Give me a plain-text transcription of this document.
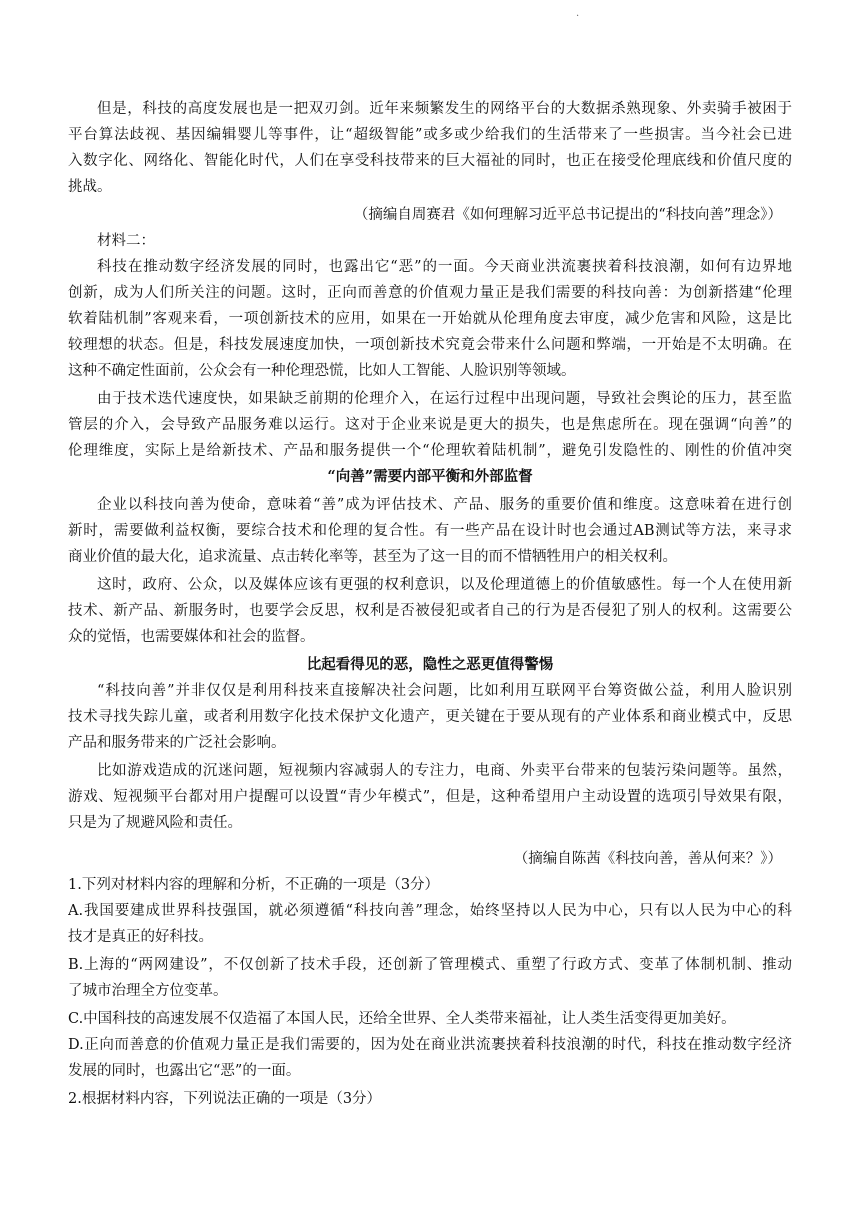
.
但是，科技的高度发展也是一把双刃剑。近年来频繁发生的网络平台的大数据杀熟现象、外卖骑手被困于
平台算法歧视、基因编辑婴儿等事件，让“超级智能”或多或少给我们的生活带来了一些损害。当今社会已进
入数字化、网络化、智能化时代，人们在享受科技带来的巨大福祉的同时，也正在接受伦理底线和价值尺度的
挑战。
（摘编自周赛君《如何理解习近平总书记提出的“科技向善”理念》）
材料二：
科技在推动数字经济发展的同时，也露出它“恶”的一面。今天商业洪流裹挟着科技浪潮，如何有边界地
创新，成为人们所关注的问题。这时，正向而善意的价值观力量正是我们需要的科技向善：为创新搭建“伦理
软着陆机制”客观来看，一项创新技术的应用，如果在一开始就从伦理角度去审度，减少危害和风险，这是比
较理想的状态。但是，科技发展速度加快，一项创新技术究竟会带来什么问题和弊端，一开始是不太明确。在
这种不确定性面前，公众会有一种伦理恐慌，比如人工智能、人脸识别等领域。
由于技术迭代速度快，如果缺乏前期的伦理介入，在运行过程中出现问题，导致社会舆论的压力，甚至监
管层的介入，会导致产品服务难以运行。这对于企业来说是更大的损失，也是焦虑所在。现在强调“向善”的
伦理维度，实际上是给新技术、产品和服务提供一个“伦理软着陆机制”，避免引发隐性的、刚性的价值冲突
“向善”需要内部平衡和外部监督
企业以科技向善为使命，意味着“善”成为评估技术、产品、服务的重要价值和维度。这意味着在进行创
新时，需要做利益权衡，要综合技术和伦理的复合性。有一些产品在设计时也会通过AB测试等方法，来寻求
商业价值的最大化，追求流量、点击转化率等，甚至为了这一目的而不惜牺牲用户的相关权利。
这时，政府、公众，以及媒体应该有更强的权利意识，以及伦理道德上的价值敏感性。每一个人在使用新
技术、新产品、新服务时，也要学会反思，权利是否被侵犯或者自己的行为是否侵犯了别人的权利。这需要公
众的觉悟，也需要媒体和社会的监督。
比起看得见的恶，隐性之恶更值得警惕
“科技向善”并非仅仅是利用科技来直接解决社会问题，比如利用互联网平台筹资做公益，利用人脸识别
技术寻找失踪儿童，或者利用数字化技术保护文化遗产，更关键在于要从现有的产业体系和商业模式中，反思
产品和服务带来的广泛社会影响。
比如游戏造成的沉迷问题，短视频内容减弱人的专注力，电商、外卖平台带来的包装污染问题等。虽然，
游戏、短视频平台都对用户提醒可以设置“青少年模式”，但是，这种希望用户主动设置的选项引导效果有限，
只是为了规避风险和责任。
（摘编自陈茜《科技向善，善从何来？》）
1.下列对材料内容的理解和分析，不正确的一项是（3分）
A.我国要建成世界科技强国，就必须遵循“科技向善”理念，始终坚持以人民为中心，只有以人民为中心的科
技才是真正的好科技。
B.上海的“两网建设”，不仅创新了技术手段，还创新了管理模式、重塑了行政方式、变革了体制机制、推动
了城市治理全方位变革。
C.中国科技的高速发展不仅造福了本国人民，还给全世界、全人类带来福祉，让人类生活变得更加美好。
D.正向而善意的价值观力量正是我们需要的，因为处在商业洪流裹挟着科技浪潮的时代，科技在推动数字经济
发展的同时，也露出它“恶”的一面。
2.根据材料内容，下列说法正确的一项是（3分）
